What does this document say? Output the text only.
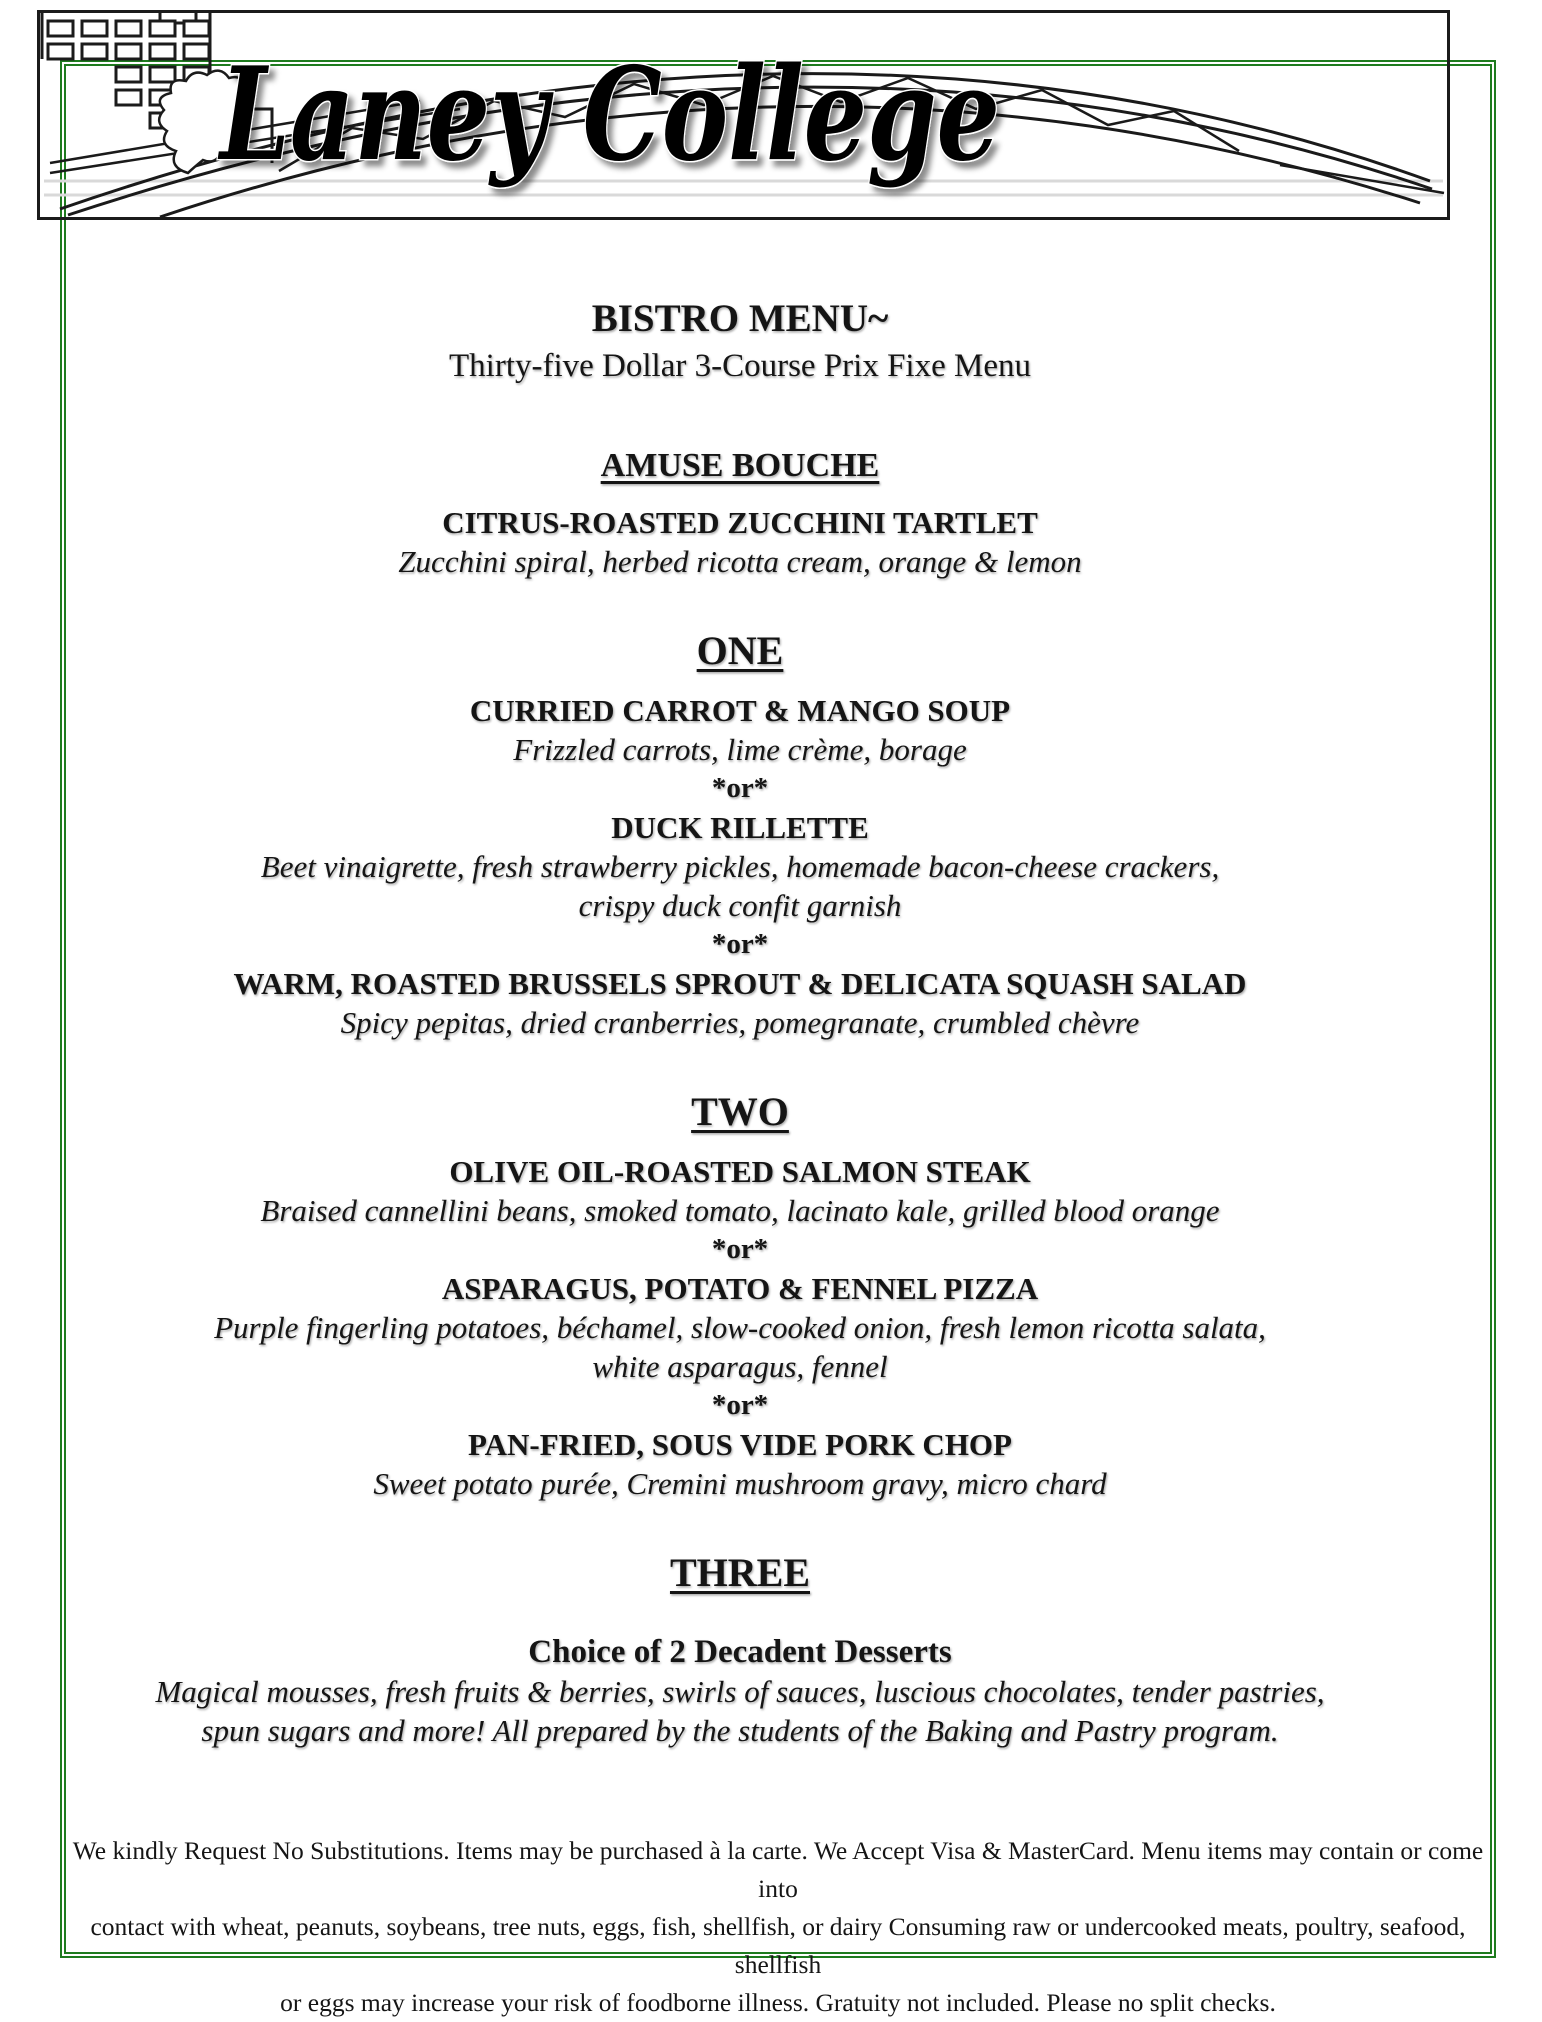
Laney College
BISTRO MENU~
Thirty-five Dollar 3-Course Prix Fixe Menu
AMUSE BOUCHE
CITRUS-ROASTED ZUCCHINI TARTLET
Zucchini spiral, herbed ricotta cream, orange & lemon
ONE
CURRIED CARROT & MANGO SOUP
Frizzled carrots, lime crème, borage
*or*
DUCK RILLETTE
Beet vinaigrette, fresh strawberry pickles, homemade bacon-cheese crackers,
crispy duck confit garnish
*or*
WARM, ROASTED BRUSSELS SPROUT & DELICATA SQUASH SALAD
Spicy pepitas, dried cranberries, pomegranate, crumbled chèvre
TWO
OLIVE OIL-ROASTED SALMON STEAK
Braised cannellini beans, smoked tomato, lacinato kale, grilled blood orange
*or*
ASPARAGUS, POTATO & FENNEL PIZZA
Purple fingerling potatoes, béchamel, slow-cooked onion, fresh lemon ricotta salata,
white asparagus, fennel
*or*
PAN-FRIED, SOUS VIDE PORK CHOP
Sweet potato purée, Cremini mushroom gravy, micro chard
THREE
Choice of 2 Decadent Desserts
Magical mousses, fresh fruits & berries, swirls of sauces, luscious chocolates, tender pastries,
spun sugars and more! All prepared by the students of the Baking and Pastry program.
We kindly Request No Substitutions. Items may be purchased à la carte. We Accept Visa & MasterCard. Menu items may contain or come into
contact with wheat, peanuts, soybeans, tree nuts, eggs, fish, shellfish, or dairy Consuming raw or undercooked meats, poultry, seafood, shellfish
or eggs may increase your risk of foodborne illness. Gratuity not included. Please no split checks.
